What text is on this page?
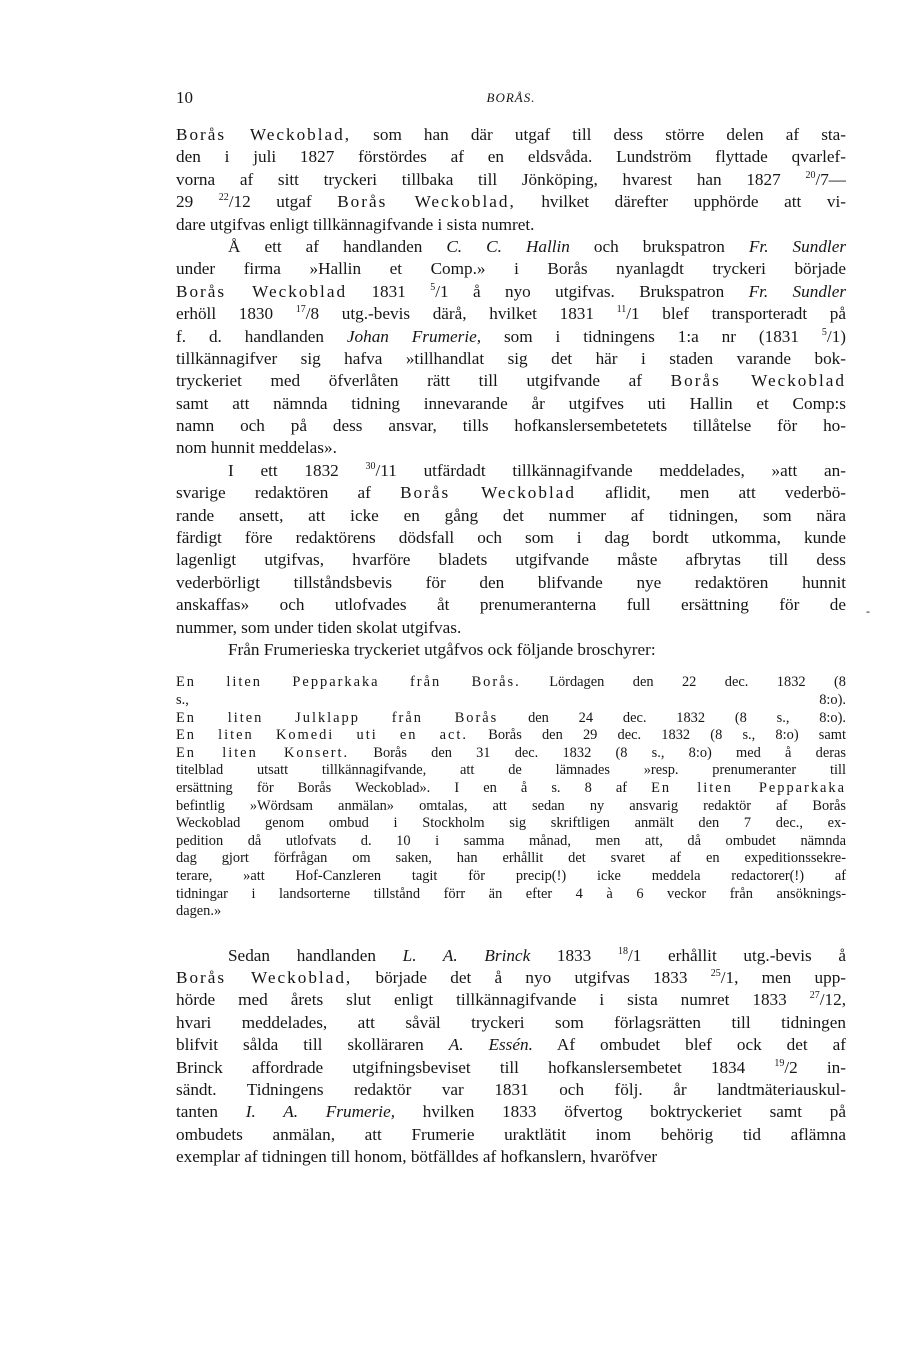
10	BORÅS.
Borås Weckoblad, som han där utgaf till dess större delen af sta-
den i juli 1827 förstördes af en eldsvåda. Lundström flyttade qvarlef-
vorna af sitt tryckeri tillbaka till Jönköping, hvarest han 1827 $^{20}$/7—
29 $^{22}$/12 utgaf Borås Weckoblad, hvilket därefter upphörde att vi-
dare utgifvas enligt tillkännagifvande i sista numret.
Å ett af handlanden C. C. Hallin och brukspatron Fr. Sundler
under firma »Hallin et Comp.» i Borås nyanlagdt tryckeri började
Borås Weckoblad 1831 $^5$/1 å nyo utgifvas. Brukspatron Fr. Sundler
erhöll 1830 $^{17}$/8 utg.-bevis därå, hvilket 1831 $^{11}$/1 blef transporteradt på
f. d. handlanden Johan Frumerie, som i tidningens 1:a nr (1831 $^5$/1)
tillkännagifver sig hafva »tillhandlat sig det här i staden varande bok-
tryckeriet med öfverlåten rätt till utgifvande af Borås Weckoblad
samt att nämnda tidning innevarande år utgifves uti Hallin et Comp:s
namn och på dess ansvar, tills hofkanslersembetetets tillåtelse för ho-
nom hunnit meddelas».
I ett 1832 $^{30}$/11 utfärdadt tillkännagifvande meddelades, »att an-
svarige redaktören af Borås Weckoblad aflidit, men att vederbö-
rande ansett, att icke en gång det nummer af tidningen, som nära
färdigt före redaktörens dödsfall och som i dag bordt utkomma, kunde
lagenligt utgifvas, hvarföre bladets utgifvande måste afbrytas till dess
vederbörligt tillståndsbevis för den blifvande nye redaktören hunnit
anskaffas» och utlofvades åt prenumeranterna full ersättning för de
nummer, som under tiden skolat utgifvas.
Från Frumerieska tryckeriet utgåfvos ock följande broschyrer:
En liten Pepparkaka från Borås. Lördagen den 22 dec. 1832 (8
s., 8:o).
En liten Julklapp från Borås den 24 dec. 1832 (8 s., 8:o).
En liten Komedi uti en act. Borås den 29 dec. 1832 (8 s., 8:o) samt
En liten Konsert. Borås den 31 dec. 1832 (8 s., 8:o) med å deras
titelblad utsatt tillkännagifvande, att de lämnades »resp. prenumeranter till
ersättning för Borås Weckoblad». I en å s. 8 af En liten Pepparkaka
befintlig »Wördsam anmälan» omtalas, att sedan ny ansvarig redaktör af Borås
Weckoblad genom ombud i Stockholm sig skriftligen anmält den 7 dec., ex-
pedition då utlofvats d. 10 i samma månad, men att, då ombudet nämnda
dag gjort förfrågan om saken, han erhållit det svaret af en expeditionssekre-
terare, »att Hof-Canzleren tagit för precip(!) icke meddela redactorer(!) af
tidningar i landsorterne tillstånd förr än efter 4 à 6 veckor från ansöknings-
dagen.»
Sedan handlanden L. A. Brinck 1833 $^{18}$/1 erhållit utg.-bevis å
Borås Weckoblad, började det å nyo utgifvas 1833 $^{25}$/1, men upp-
hörde med årets slut enligt tillkännagifvande i sista numret 1833 $^{27}$/12,
hvari meddelades, att såväl tryckeri som förlagsrätten till tidningen
blifvit sålda till skolläraren A. Essén. Af ombudet blef ock det af
Brinck affordrade utgifningsbeviset till hofkanslersembetet 1834 $^{19}$/2 in-
sändt. Tidningens redaktör var 1831 och följ. år landtmäteriauskul-
tanten I. A. Frumerie, hvilken 1833 öfvertog boktryckeriet samt på
ombudets anmälan, att Frumerie uraktlätit inom behörig tid aflämna
exemplar af tidningen till honom, bötfälldes af hofkanslern, hvaröfver
-
